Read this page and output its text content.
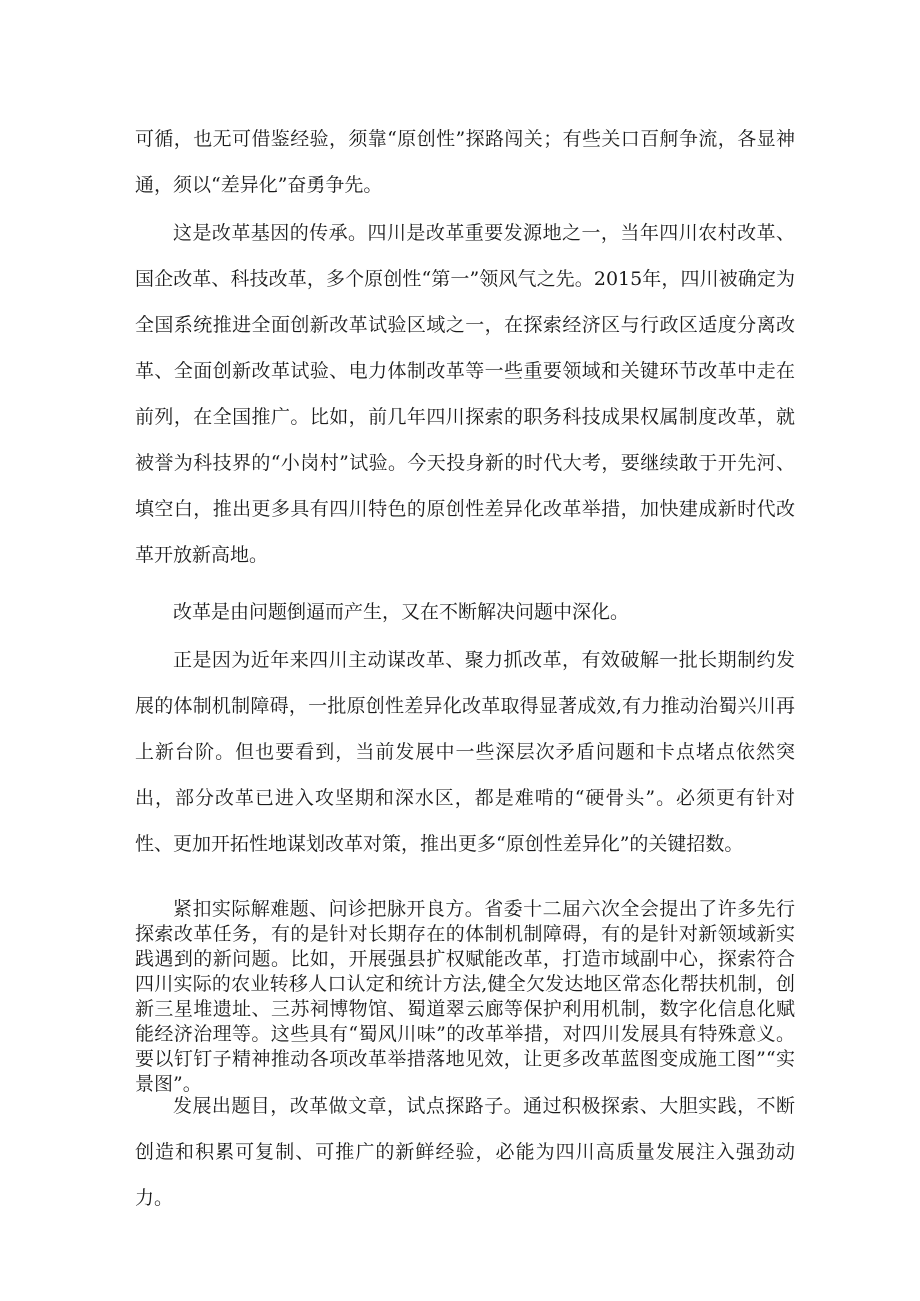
可循，也无可借鉴经验，须靠“原创性”探路闯关；有些关口百舸争流，各显神通，须以“差异化”奋勇争先。

这是改革基因的传承。四川是改革重要发源地之一，当年四川农村改革、国企改革、科技改革，多个原创性“第一”领风气之先。2015年，四川被确定为全国系统推进全面创新改革试验区域之一，在探索经济区与行政区适度分离改革、全面创新改革试验、电力体制改革等一些重要领域和关键环节改革中走在前列，在全国推广。比如，前几年四川探索的职务科技成果权属制度改革，就被誉为科技界的“小岗村”试验。今天投身新的时代大考，要继续敢于开先河、填空白，推出更多具有四川特色的原创性差异化改革举措，加快建成新时代改革开放新高地。

改革是由问题倒逼而产生，又在不断解决问题中深化。

正是因为近年来四川主动谋改革、聚力抓改革，有效破解一批长期制约发展的体制机制障碍，一批原创性差异化改革取得显著成效,有力推动治蜀兴川再上新台阶。但也要看到，当前发展中一些深层次矛盾问题和卡点堵点依然突出，部分改革已进入攻坚期和深水区，都是难啃的“硬骨头”。必须更有针对性、更加开拓性地谋划改革对策，推出更多“原创性差异化”的关键招数。

紧扣实际解难题、问诊把脉开良方。省委十二届六次全会提出了许多先行探索改革任务，有的是针对长期存在的体制机制障碍，有的是针对新领域新实践遇到的新问题。比如，开展强县扩权赋能改革，打造市域副中心，探索符合四川实际的农业转移人口认定和统计方法,健全欠发达地区常态化帮扶机制，创新三星堆遗址、三苏祠博物馆、蜀道翠云廊等保护利用机制，数字化信息化赋能经济治理等。这些具有“蜀风川味”的改革举措，对四川发展具有特殊意义。要以钉钉子精神推动各项改革举措落地见效，让更多改革蓝图变成施工图”“实景图”。

发展出题目，改革做文章，试点探路子。通过积极探索、大胆实践，不断创造和积累可复制、可推广的新鲜经验，必能为四川高质量发展注入强劲动力。
